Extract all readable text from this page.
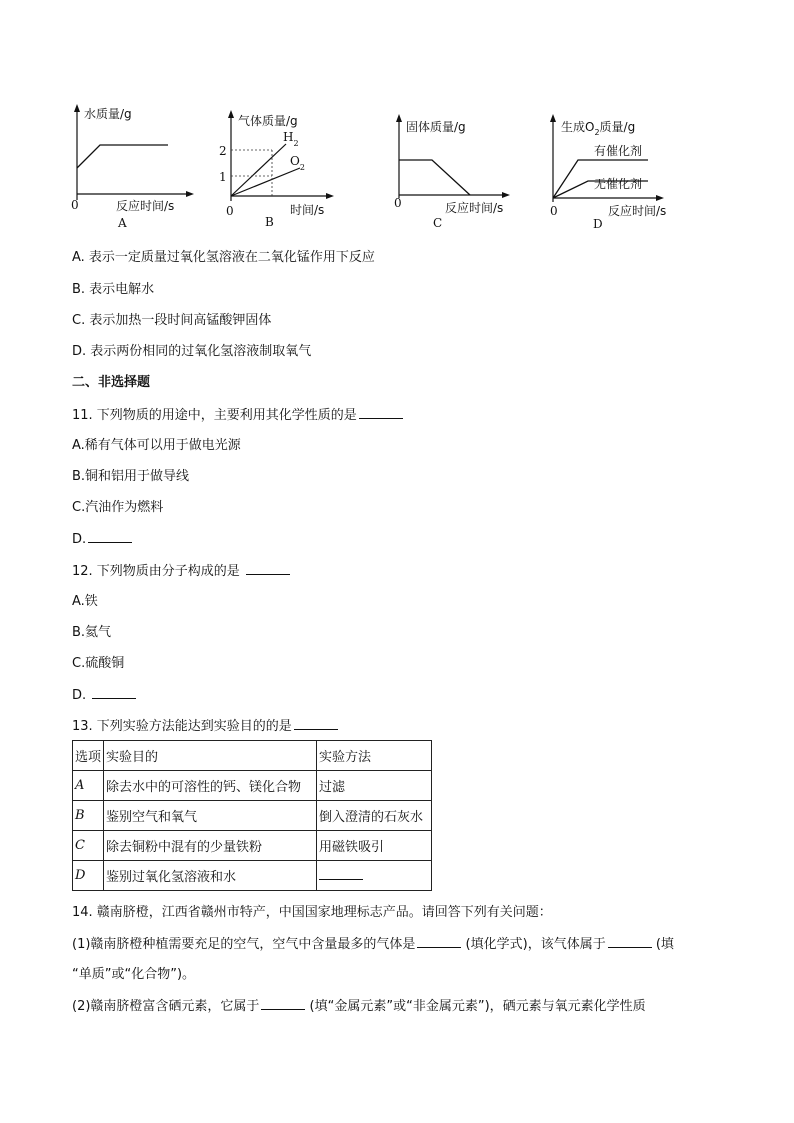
水质量/g
0	反应时间/s
A
气体质量/g
2
1
$H_2$
$O_2$
0	时间/s
B
固体质量/g
0	反应时间/s
C
生成$O_2$质量/g
有催化剂
无催化剂
0	反应时间/s
D
A. 表示一定质量过氧化氢溶液在二氧化锰作用下反应
B. 表示电解水
C. 表示加热一段时间高锰酸钾固体
D. 表示两份相同的过氧化氢溶液制取氧气
二、非选择题
11. 下列物质的用途中，主要利用其化学性质的是
A.稀有气体可以用于做电光源
B.铜和铝用于做导线
C.汽油作为燃料
D.
12. 下列物质由分子构成的是
A.铁
B.氦气
C.硫酸铜
D.
13. 下列实验方法能达到实验目的的是
选项	实验目的	实验方法
A	除去水中的可溶性的钙、镁化合物	过滤
B	鉴别空气和氧气	倒入澄清的石灰水
C	除去铜粉中混有的少量铁粉	用磁铁吸引
D	鉴别过氧化氢溶液和水	
14. 赣南脐橙，江西省赣州市特产，中国国家地理标志产品。请回答下列有关问题：
(1)赣南脐橙种植需要充足的空气，空气中含量最多的气体是	(填化学式)，该气体属于	(填
“单质”或“化合物”)。
(2)赣南脐橙富含硒元素，它属于	(填“金属元素”或“非金属元素”)，硒元素与氧元素化学性质
